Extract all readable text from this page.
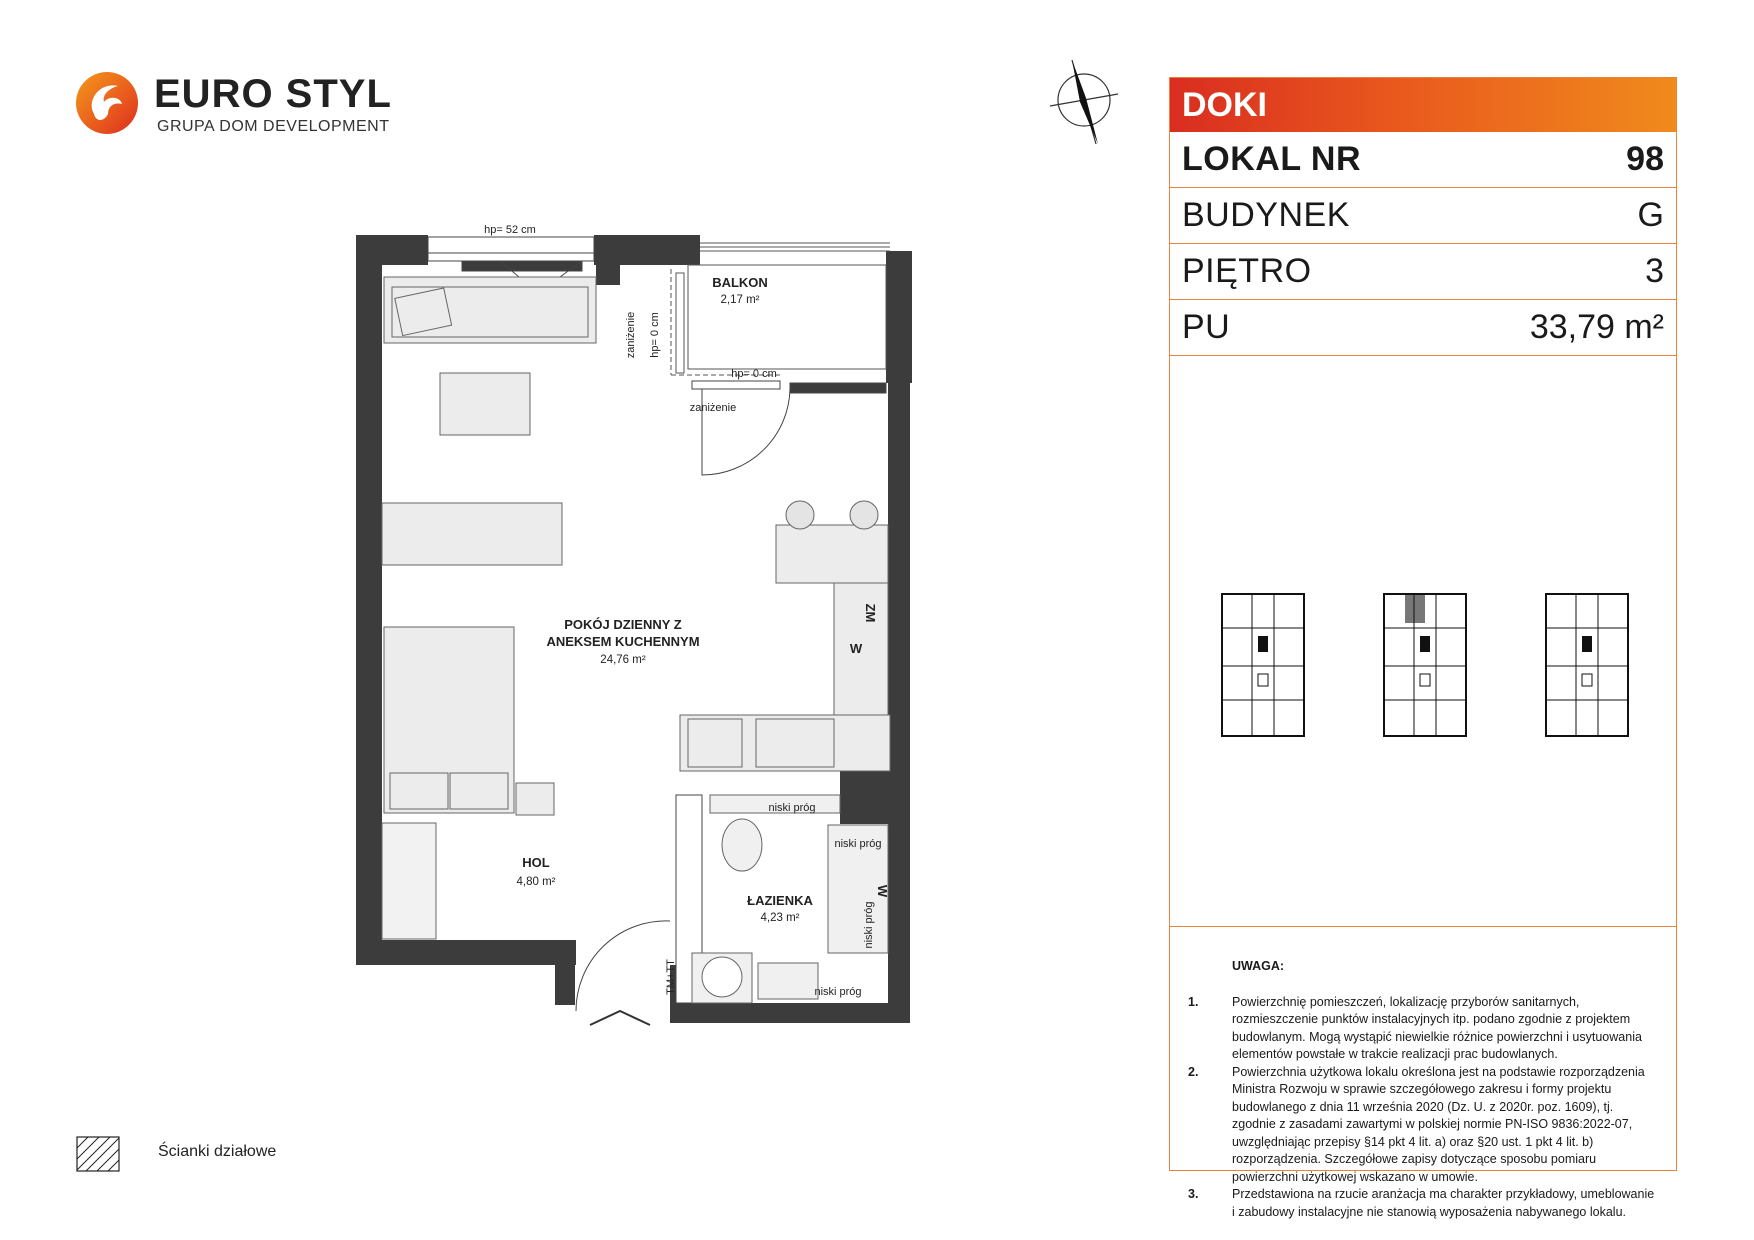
EURO STYL
GRUPA DOM DEVELOPMENT
DOKI
LOKAL NR	98
BUDYNEK	G
PIĘTRO	3
PU	33,79 m²
UWAGA:
1.	Powierzchnię pomieszczeń, lokalizację przyborów sanitarnych, rozmieszczenie punktów instalacyjnych itp. podano zgodnie z projektem budowlanym. Mogą wystąpić niewielkie różnice powierzchni i usytuowania elementów powstałe w trakcie realizacji prac budowlanych.
2.	Powierzchnia użytkowa lokalu określona jest na podstawie rozporządzenia Ministra Rozwoju w sprawie szczegółowego zakresu i formy projektu budowlanego z dnia 11 września 2020 (Dz. U. z 2020r. poz. 1609), tj. zgodnie z zasadami zawartymi w polskiej normie PN-ISO 9836:2022-07, uwzględniając przepisy §14 pkt 4 lit. a) oraz §20 ust. 1 pkt 4 lit. b) rozporządzenia. Szczegółowe zapisy dotyczące sposobu pomiaru powierzchni użytkowej wskazano w umowie.
3.	Przedstawiona na rzucie aranżacja ma charakter przykładowy, umeblowanie i zabudowy instalacyjne nie stanowią wyposażenia nabywanego lokalu.
Ścianki działowe
hp= 52 cm
BALKON
2,17 m²
zaniżenie hp= 0 cm
hp= 0 cm
zaniżenie
POKÓJ DZIENNY Z
ANEKSEM KUCHENNYM
24,76 m²
HOL
4,80 m²
ŁAZIENKA
4,23 m²
niski próg
niski próg
niski próg
niski próg
ZM
W
W
TM+TT
